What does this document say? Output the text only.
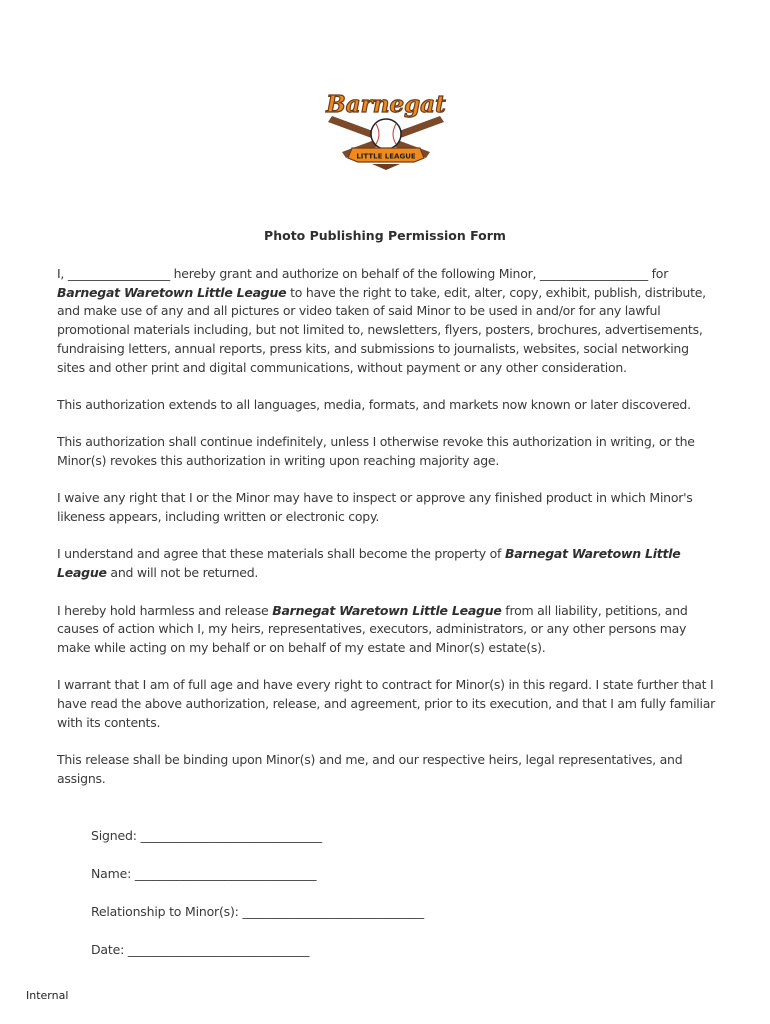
Barnegat
LITTLE LEAGUE
Photo Publishing Permission Form

I, _________________ hereby grant and authorize on behalf of the following Minor, __________________ for Barnegat Waretown Little League to have the right to take, edit, alter, copy, exhibit, publish, distribute, and make use of any and all pictures or video taken of said Minor to be used in and/or for any lawful promotional materials including, but not limited to, newsletters, flyers, posters, brochures, advertisements, fundraising letters, annual reports, press kits, and submissions to journalists, websites, social networking sites and other print and digital communications, without payment or any other consideration.

This authorization extends to all languages, media, formats, and markets now known or later discovered.

This authorization shall continue indefinitely, unless I otherwise revoke this authorization in writing, or the Minor(s) revokes this authorization in writing upon reaching majority age.

I waive any right that I or the Minor may have to inspect or approve any finished product in which Minor's likeness appears, including written or electronic copy.

I understand and agree that these materials shall become the property of Barnegat Waretown Little League and will not be returned.

I hereby hold harmless and release Barnegat Waretown Little League from all liability, petitions, and causes of action which I, my heirs, representatives, executors, administrators, or any other persons may make while acting on my behalf or on behalf of my estate and Minor(s) estate(s).

I warrant that I am of full age and have every right to contract for Minor(s) in this regard. I state further that I have read the above authorization, release, and agreement, prior to its execution, and that I am fully familiar with its contents.

This release shall be binding upon Minor(s) and me, and our respective heirs, legal representatives, and assigns.

Signed: ______________________________
Name: ______________________________
Relationship to Minor(s): ______________________________
Date: ______________________________
Internal
